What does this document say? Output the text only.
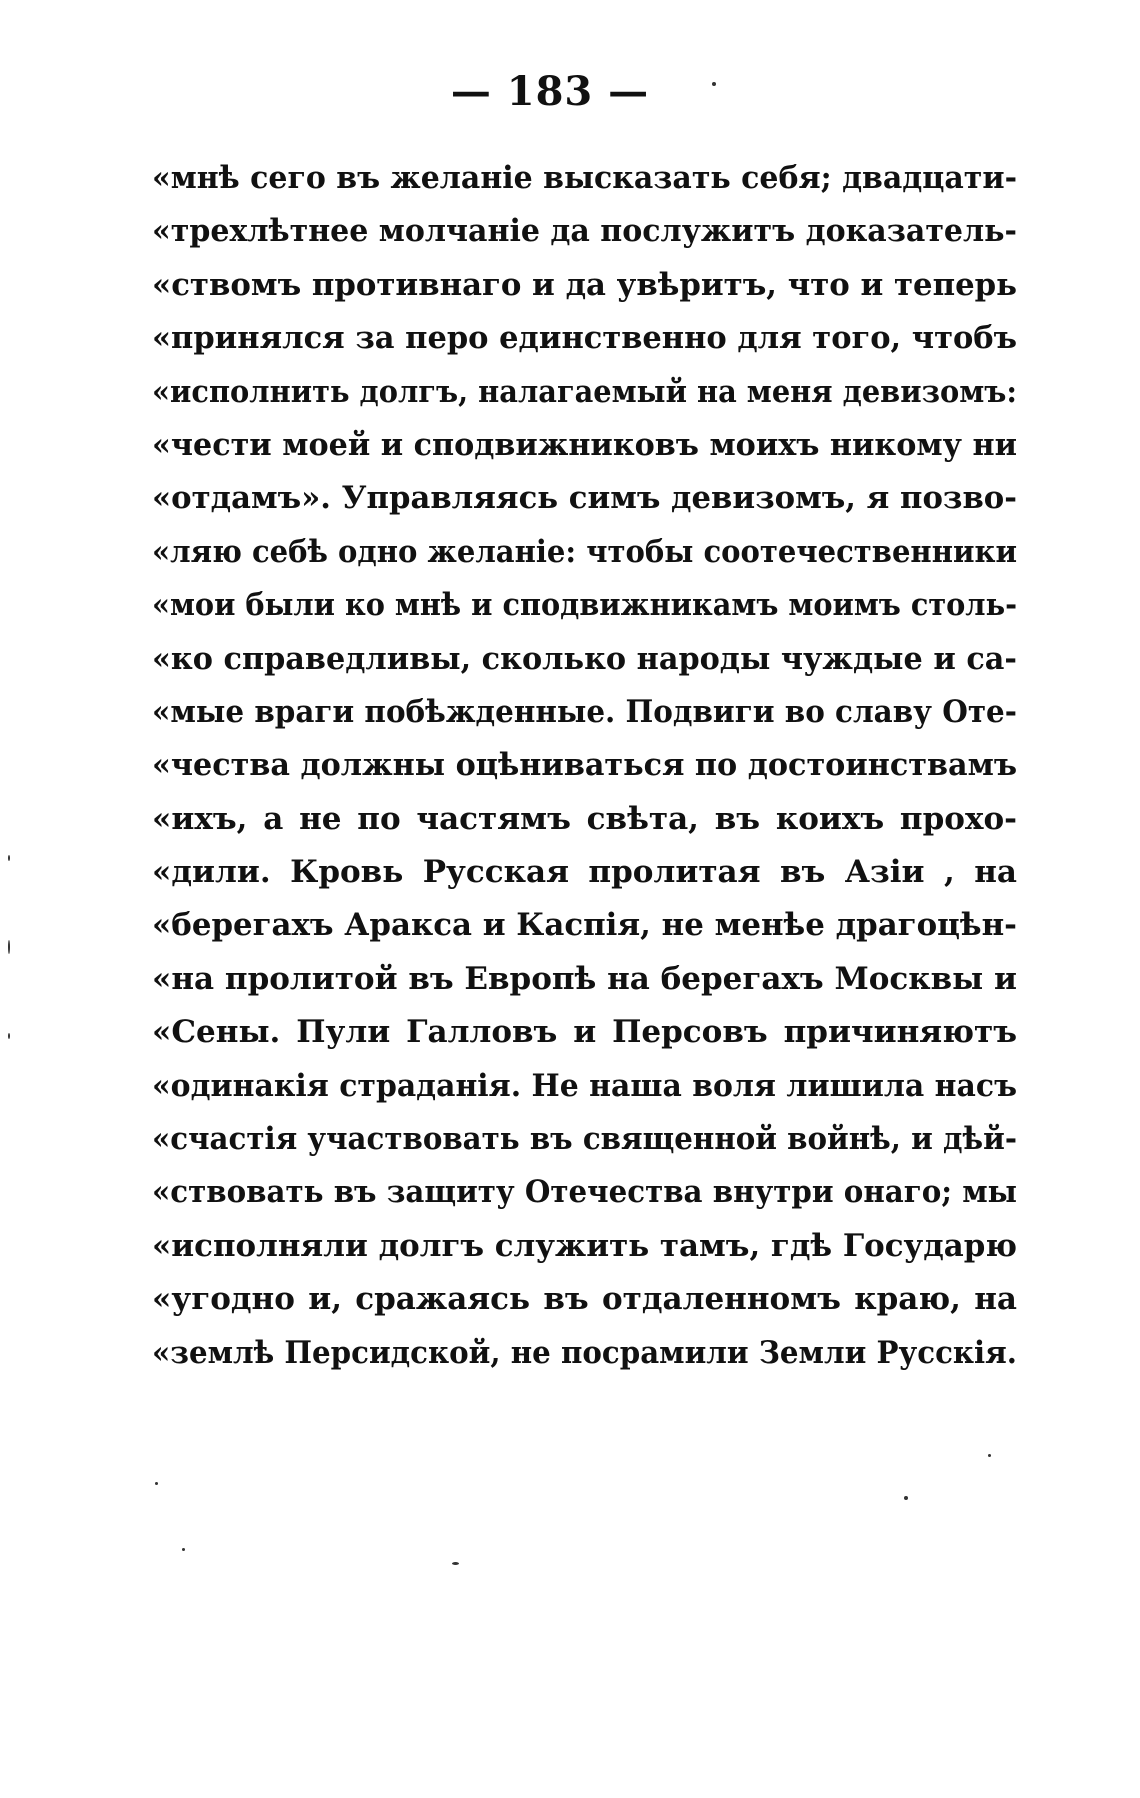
— 183 —
«мнѣ сего въ желаніе высказать себя; двадцати-
«трехлѣтнее молчаніе да послужитъ доказатель-
«ствомъ противнаго и да увѣритъ, что и теперь
«принялся за перо единственно для того, чтобъ
«исполнить долгъ, налагаемый на меня девизомъ:
«чести моей и сподвижниковъ моихъ никому ни
«отдамъ». Управляясь симъ девизомъ, я позво-
«ляю себѣ одно желаніе: чтобы соотечественники
«мои были ко мнѣ и сподвижникамъ моимъ столь-
«ко справедливы, сколько народы чуждые и са-
«мые враги побѣжденные. Подвиги во славу Оте-
«чества должны оцѣниваться по достоинствамъ
«ихъ, а не по частямъ свѣта, въ коихъ прохо-
«дили. Кровь Русская пролитая въ Азіи , на
«берегахъ Аракса и Каспія, не менѣе драгоцѣн-
«на пролитой въ Европѣ на берегахъ Москвы и
«Сены. Пули Галловъ и Персовъ причиняютъ
«одинакія страданія. Не наша воля лишила насъ
«счастія участвовать въ священной войнѣ, и дѣй-
«ствовать въ защиту Отечества внутри онаго; мы
«исполняли долгъ служить тамъ, гдѣ Государю
«угодно и, сражаясь въ отдаленномъ краю, на
«землѣ Персидской, не посрамили Земли Русскія.
